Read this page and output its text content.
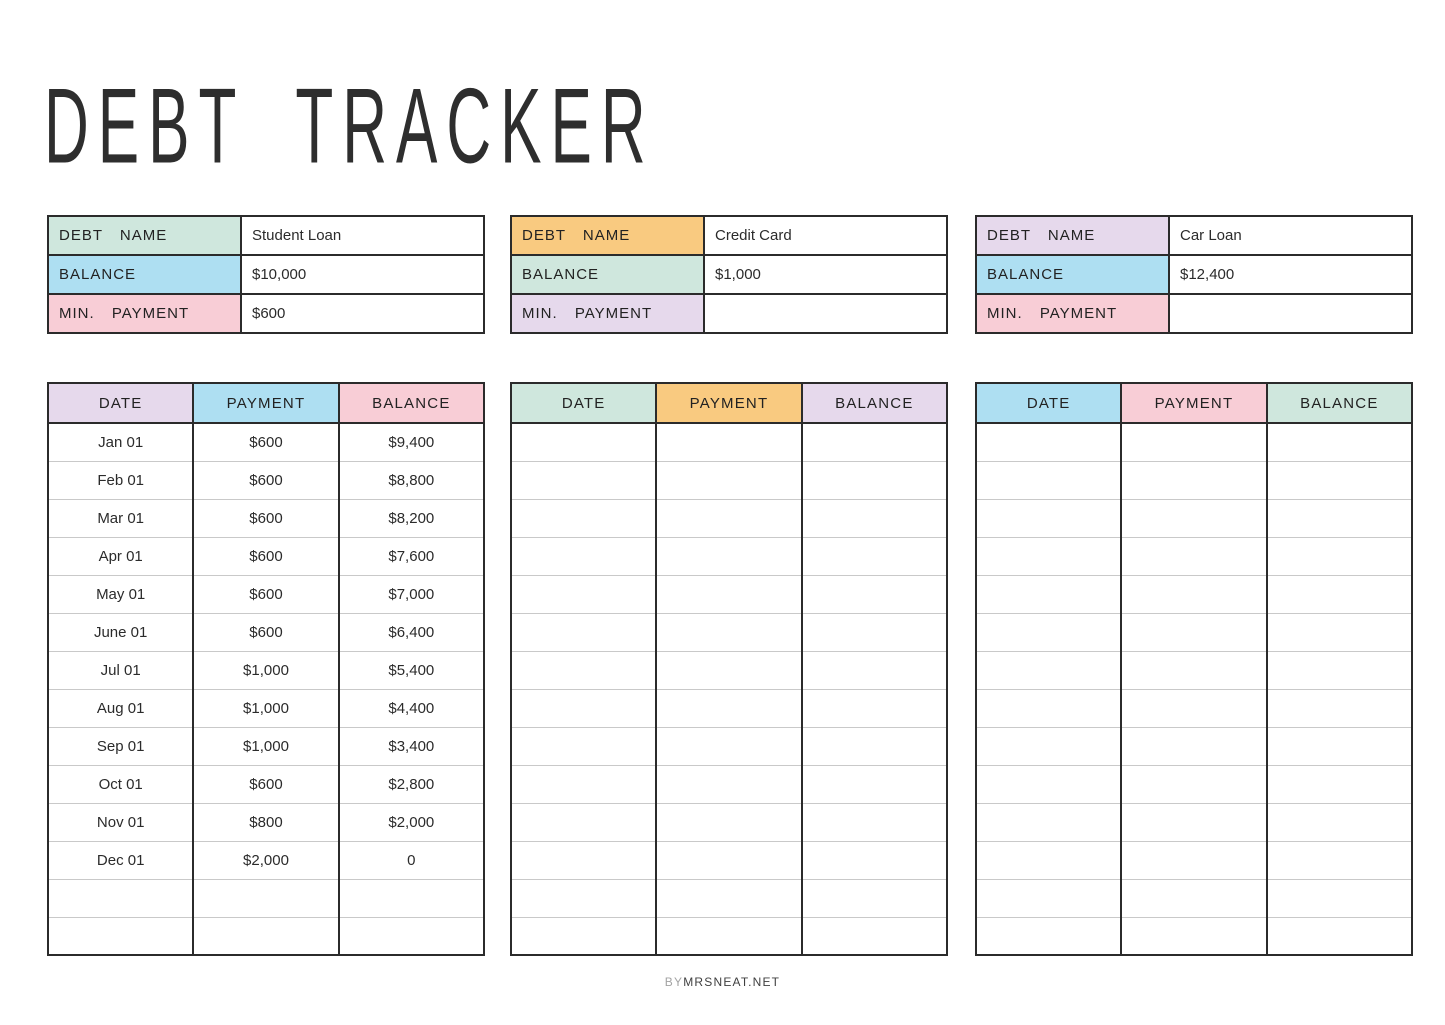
DEBT TRACKER
DEBT NAME	Student Loan
BALANCE	$10,000
MIN. PAYMENT	$600
DATE	PAYMENT	BALANCE
Jan 01	$600	$9,400
Feb 01	$600	$8,800
Mar 01	$600	$8,200
Apr 01	$600	$7,600
May 01	$600	$7,000
June 01	$600	$6,400
Jul 01	$1,000	$5,400
Aug 01	$1,000	$4,400
Sep 01	$1,000	$3,400
Oct 01	$600	$2,800
Nov 01	$800	$2,000
Dec 01	$2,000	0

DEBT NAME	Credit Card
BALANCE	$1,000
MIN. PAYMENT	
DATE	PAYMENT	BALANCE

DEBT NAME	Car Loan
BALANCE	$12,400
MIN. PAYMENT	
DATE	PAYMENT	BALANCE

BYMRSNEAT.NET
